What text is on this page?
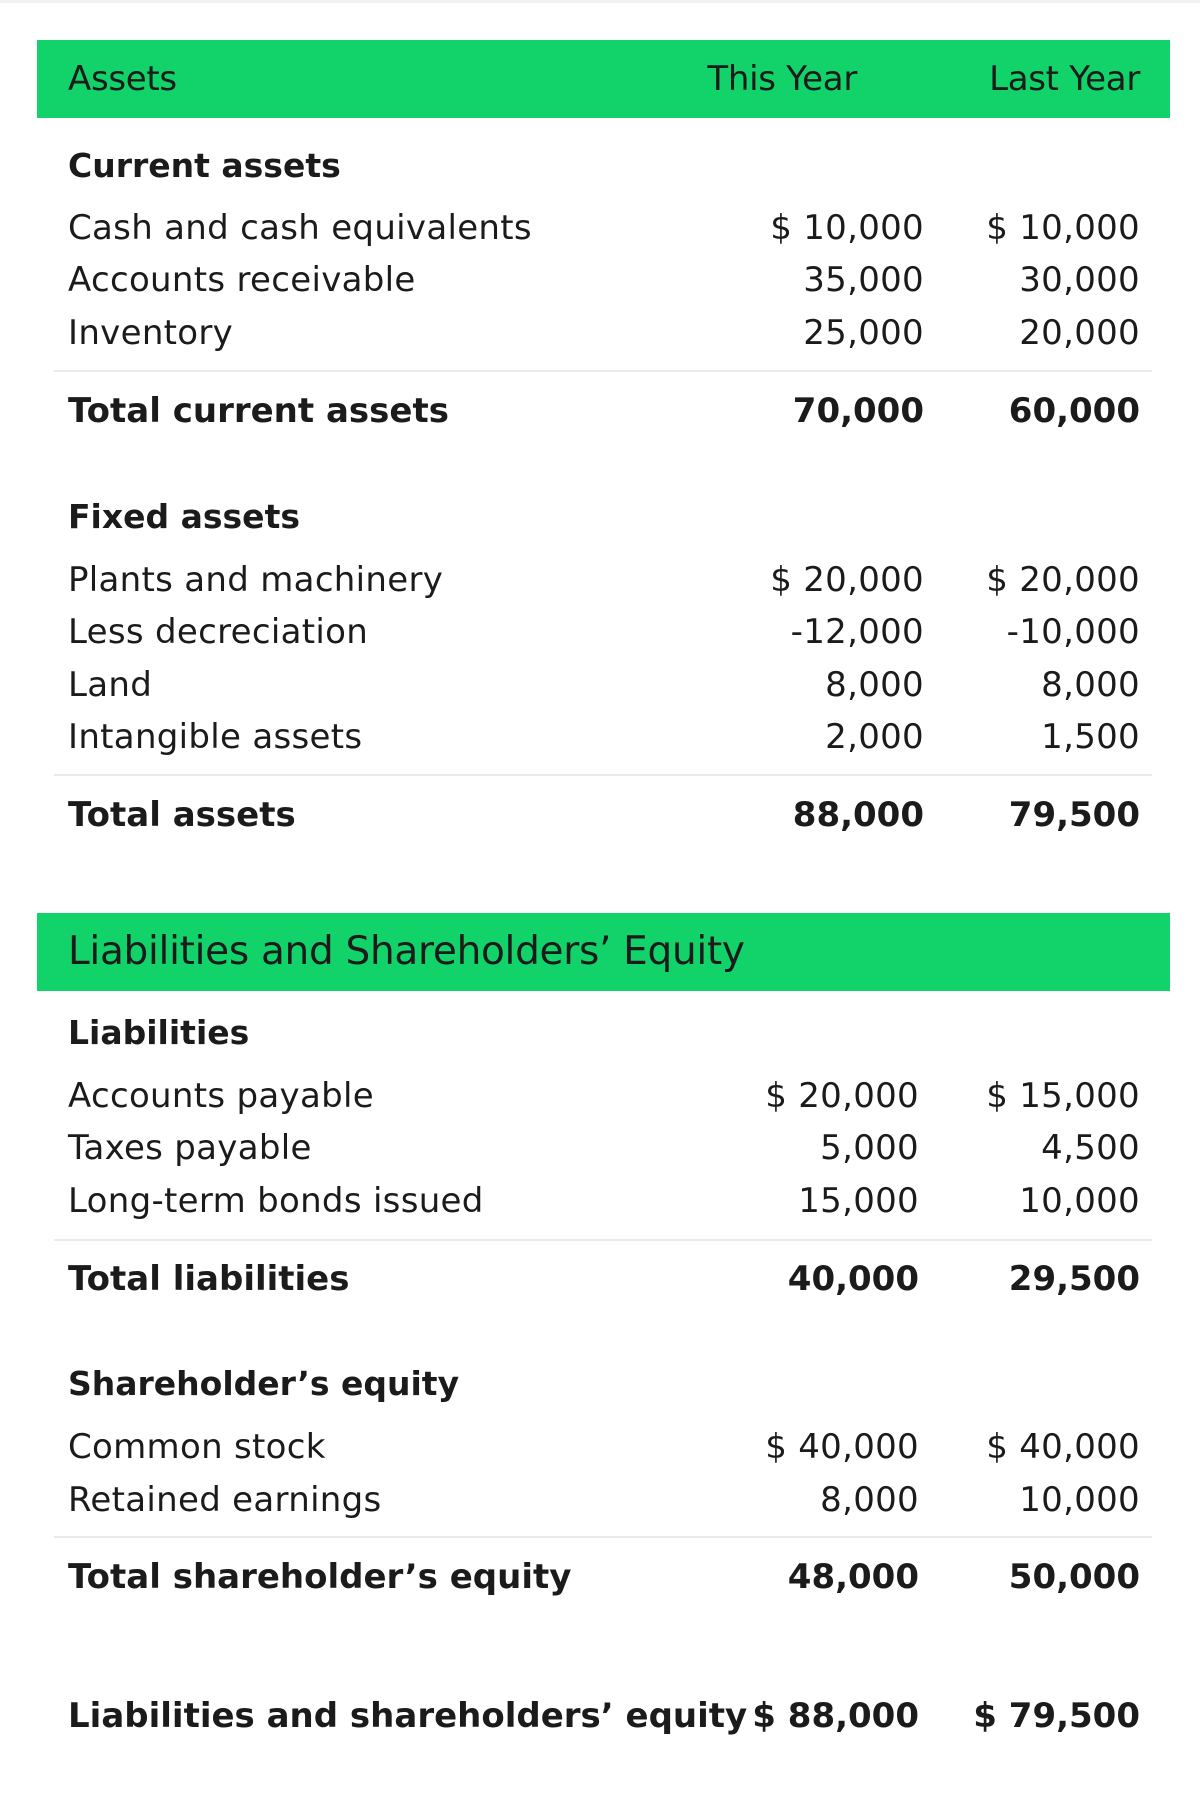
Assets	This Year	Last Year
Current assets
Cash and cash equivalents	$ 10,000 $ 10,000
Accounts receivable	35,000	30,000
Inventory	25,000	20,000
Total current assets	70,000 60,000
Fixed assets
Plants and machinery	$ 20,000 $ 20,000
Less decreciation	-12,000 -10,000
Land	8,000	8,000
Intangible assets	2,000	1,500
Total assets	88,000 79,500
Liabilities and Shareholders’ Equity
Liabilities
Accounts payable	$ 20,000 $ 15,000
Taxes payable	5,000	4,500
Long-term bonds issued	15,000	10,000
Total liabilities	40,000	29,500
Shareholder’s equity
Common stock	$ 40,000 $ 40,000
Retained earnings	8,000	10,000
Total shareholder’s equity	48,000	50,000
Liabilities and shareholders’ equity $ 88,000 $ 79,500
